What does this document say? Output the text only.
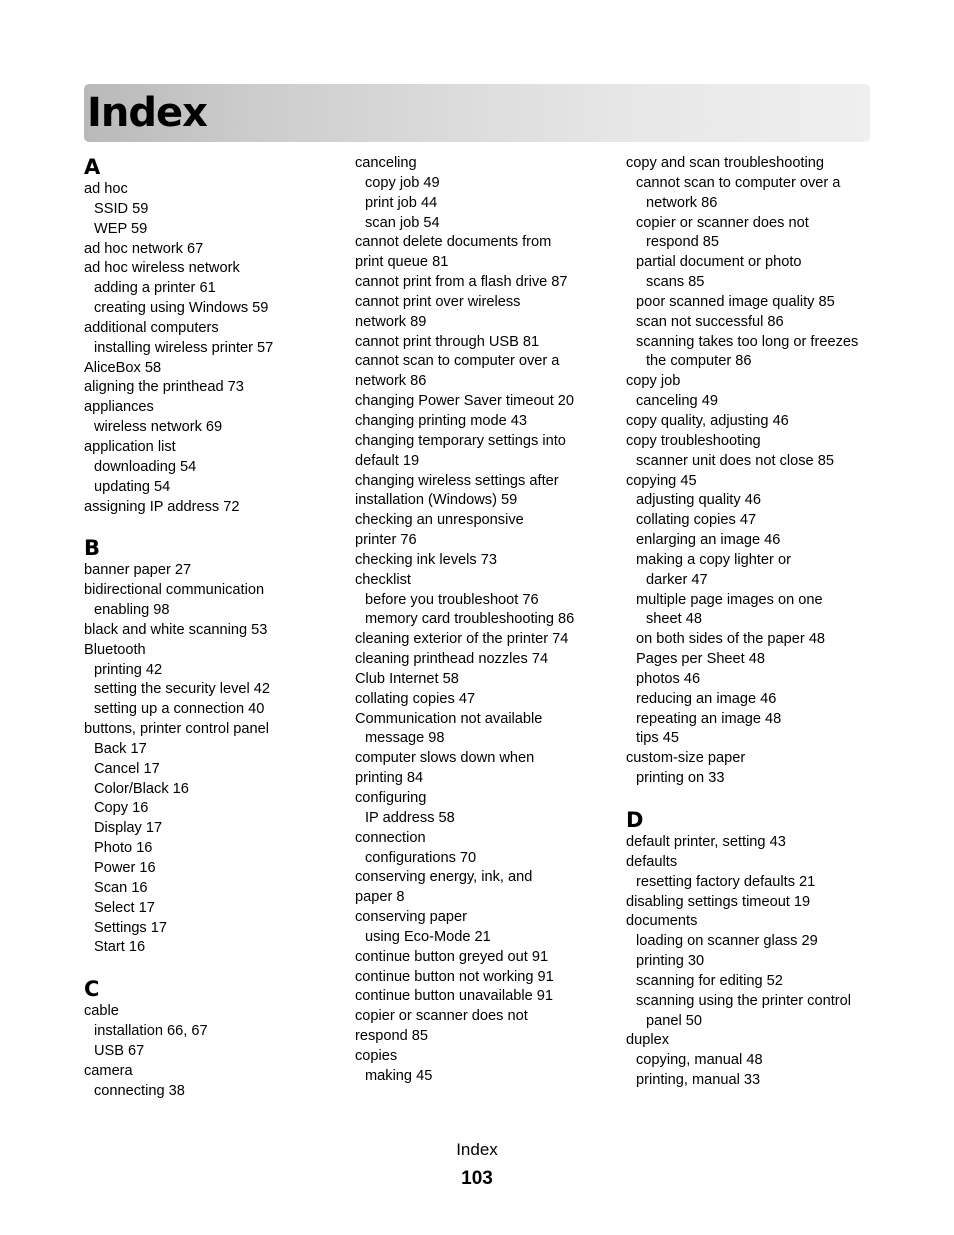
Index
A
ad hoc
SSID 59
WEP 59
ad hoc network 67
ad hoc wireless network
adding a printer 61
creating using Windows 59
additional computers
installing wireless printer 57
AliceBox 58
aligning the printhead 73
appliances
wireless network 69
application list
downloading 54
updating 54
assigning IP address 72
B
banner paper 27
bidirectional communication
enabling 98
black and white scanning 53
Bluetooth
printing 42
setting the security level 42
setting up a connection 40
buttons, printer control panel
Back 17
Cancel 17
Color/Black 16
Copy 16
Display 17
Photo 16
Power 16
Scan 16
Select 17
Settings 17
Start 16
C
cable
installation 66, 67
USB 67
camera
connecting 38
canceling
copy job 49
print job 44
scan job 54
cannot delete documents from
print queue 81
cannot print from a flash drive 87
cannot print over wireless
network 89
cannot print through USB 81
cannot scan to computer over a
network 86
changing Power Saver timeout 20
changing printing mode 43
changing temporary settings into
default 19
changing wireless settings after
installation (Windows) 59
checking an unresponsive
printer 76
checking ink levels 73
checklist
before you troubleshoot 76
memory card troubleshooting 86
cleaning exterior of the printer 74
cleaning printhead nozzles 74
Club Internet 58
collating copies 47
Communication not available
message 98
computer slows down when
printing 84
configuring
IP address 58
connection
configurations 70
conserving energy, ink, and
paper 8
conserving paper
using Eco‑Mode 21
continue button greyed out 91
continue button not working 91
continue button unavailable 91
copier or scanner does not
respond 85
copies
making 45
copy and scan troubleshooting
cannot scan to computer over a
network 86
copier or scanner does not
respond 85
partial document or photo
scans 85
poor scanned image quality 85
scan not successful 86
scanning takes too long or freezes
the computer 86
copy job
canceling 49
copy quality, adjusting 46
copy troubleshooting
scanner unit does not close 85
copying 45
adjusting quality 46
collating copies 47
enlarging an image 46
making a copy lighter or
darker 47
multiple page images on one
sheet 48
on both sides of the paper 48
Pages per Sheet 48
photos 46
reducing an image 46
repeating an image 48
tips 45
custom‑size paper
printing on 33
D
default printer, setting 43
defaults
resetting factory defaults 21
disabling settings timeout 19
documents
loading on scanner glass 29
printing 30
scanning for editing 52
scanning using the printer control
panel 50
duplex
copying, manual 48
printing, manual 33
Index
103
